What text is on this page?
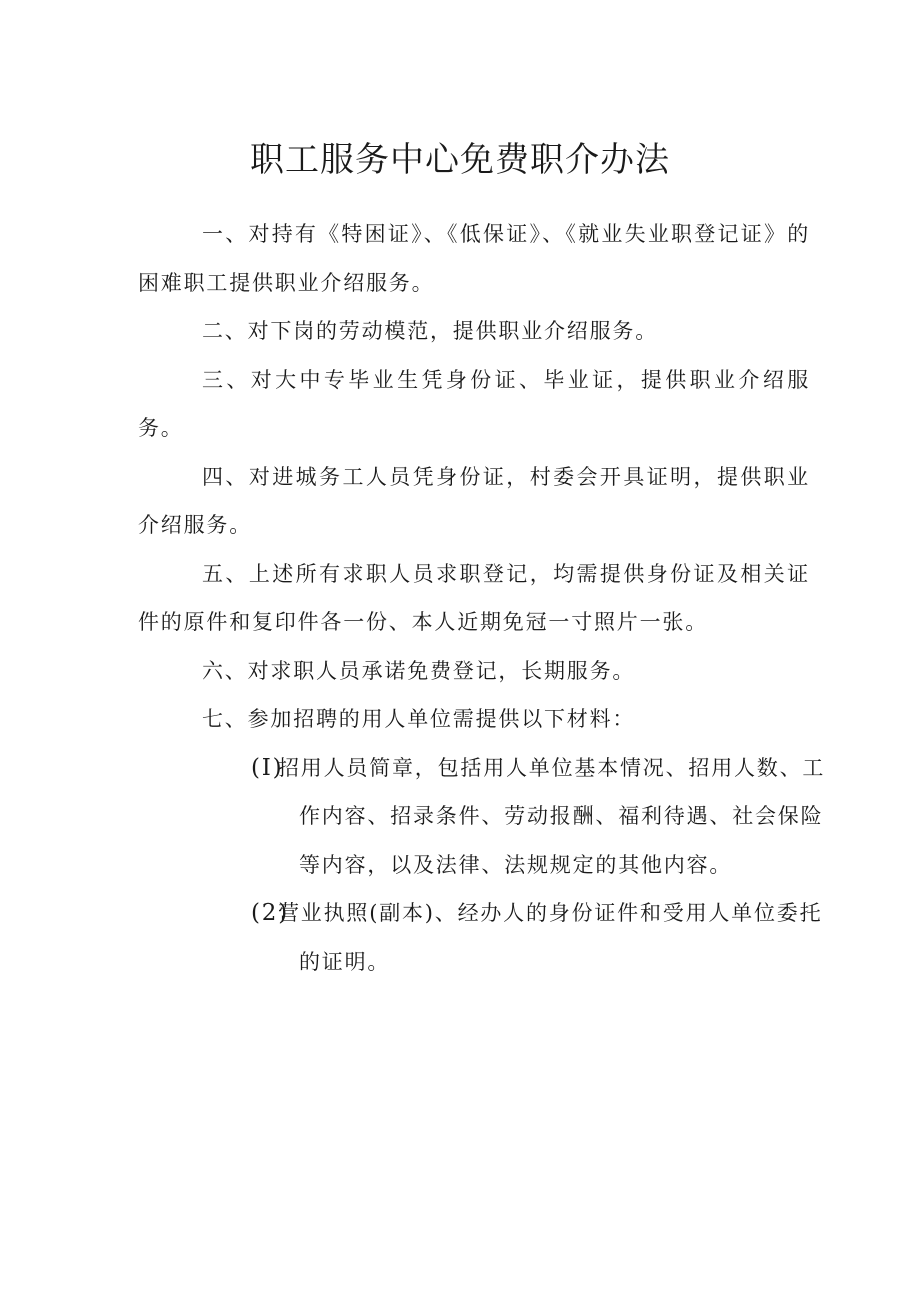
职工服务中心免费职介办法

一、对持有《特困证》、《低保证》、《就业失业职登记证》的困难职工提供职业介绍服务。

二、对下岗的劳动模范，提供职业介绍服务。

三、对大中专毕业生凭身份证、毕业证，提供职业介绍服务。

四、对进城务工人员凭身份证，村委会开具证明，提供职业介绍服务。

五、上述所有求职人员求职登记，均需提供身份证及相关证件的原件和复印件各一份、本人近期免冠一寸照片一张。

六、对求职人员承诺免费登记，长期服务。

七、参加招聘的用人单位需提供以下材料：

(I)招用人员简章，包括用人单位基本情况、招用人数、工作内容、招录条件、劳动报酬、福利待遇、社会保险等内容，以及法律、法规规定的其他内容。

(2)营业执照(副本)、经办人的身份证件和受用人单位委托的证明。
